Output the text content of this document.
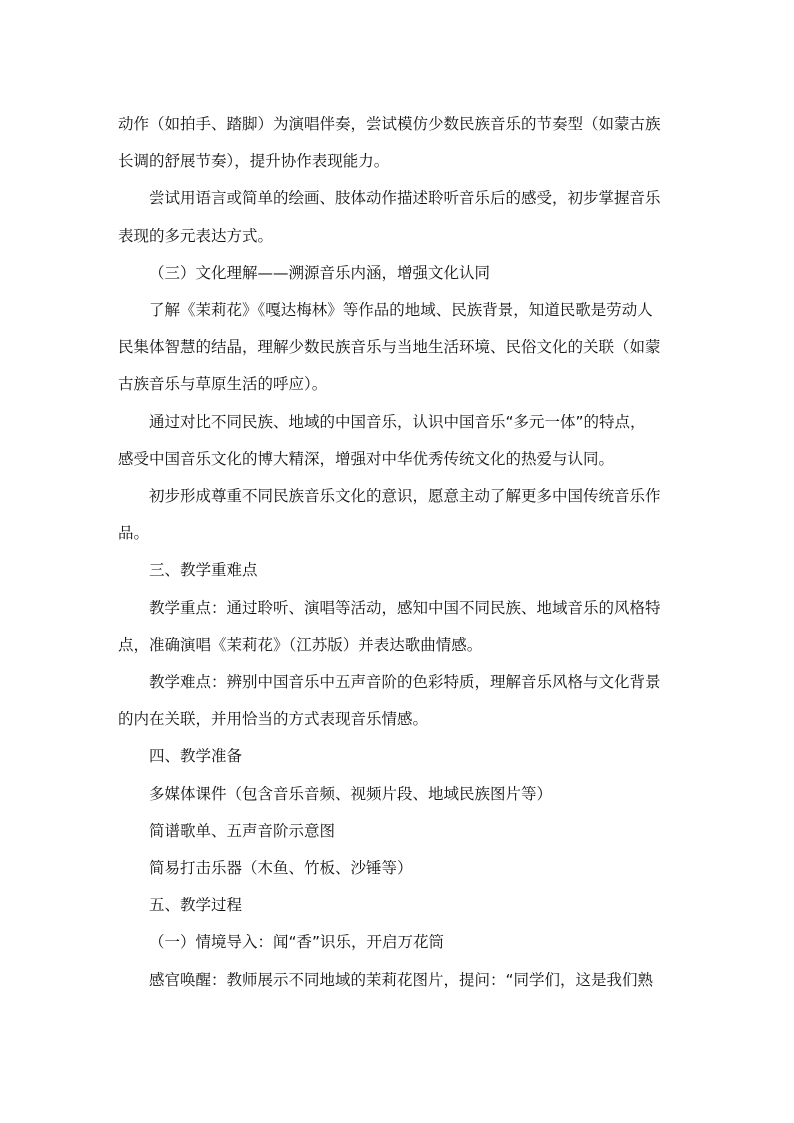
动作（如拍手、踏脚）为演唱伴奏，尝试模仿少数民族音乐的节奏型（如蒙古族

长调的舒展节奏），提升协作表现能力。

尝试用语言或简单的绘画、肢体动作描述聆听音乐后的感受，初步掌握音乐

表现的多元表达方式。

（三）文化理解——溯源音乐内涵，增强文化认同

了解《茉莉花》《嘎达梅林》等作品的地域、民族背景，知道民歌是劳动人

民集体智慧的结晶，理解少数民族音乐与当地生活环境、民俗文化的关联（如蒙

古族音乐与草原生活的呼应）。

通过对比不同民族、地域的中国音乐，认识中国音乐“多元一体”的特点，

感受中国音乐文化的博大精深，增强对中华优秀传统文化的热爱与认同。

初步形成尊重不同民族音乐文化的意识，愿意主动了解更多中国传统音乐作

品。

三、教学重难点

教学重点：通过聆听、演唱等活动，感知中国不同民族、地域音乐的风格特

点，准确演唱《茉莉花》（江苏版）并表达歌曲情感。

教学难点：辨别中国音乐中五声音阶的色彩特质，理解音乐风格与文化背景

的内在关联，并用恰当的方式表现音乐情感。

四、教学准备

多媒体课件（包含音乐音频、视频片段、地域民族图片等）

简谱歌单、五声音阶示意图

简易打击乐器（木鱼、竹板、沙锤等）

五、教学过程

（一）情境导入：闻“香”识乐，开启万花筒

感官唤醒：教师展示不同地域的茉莉花图片，提问：“同学们，这是我们熟
